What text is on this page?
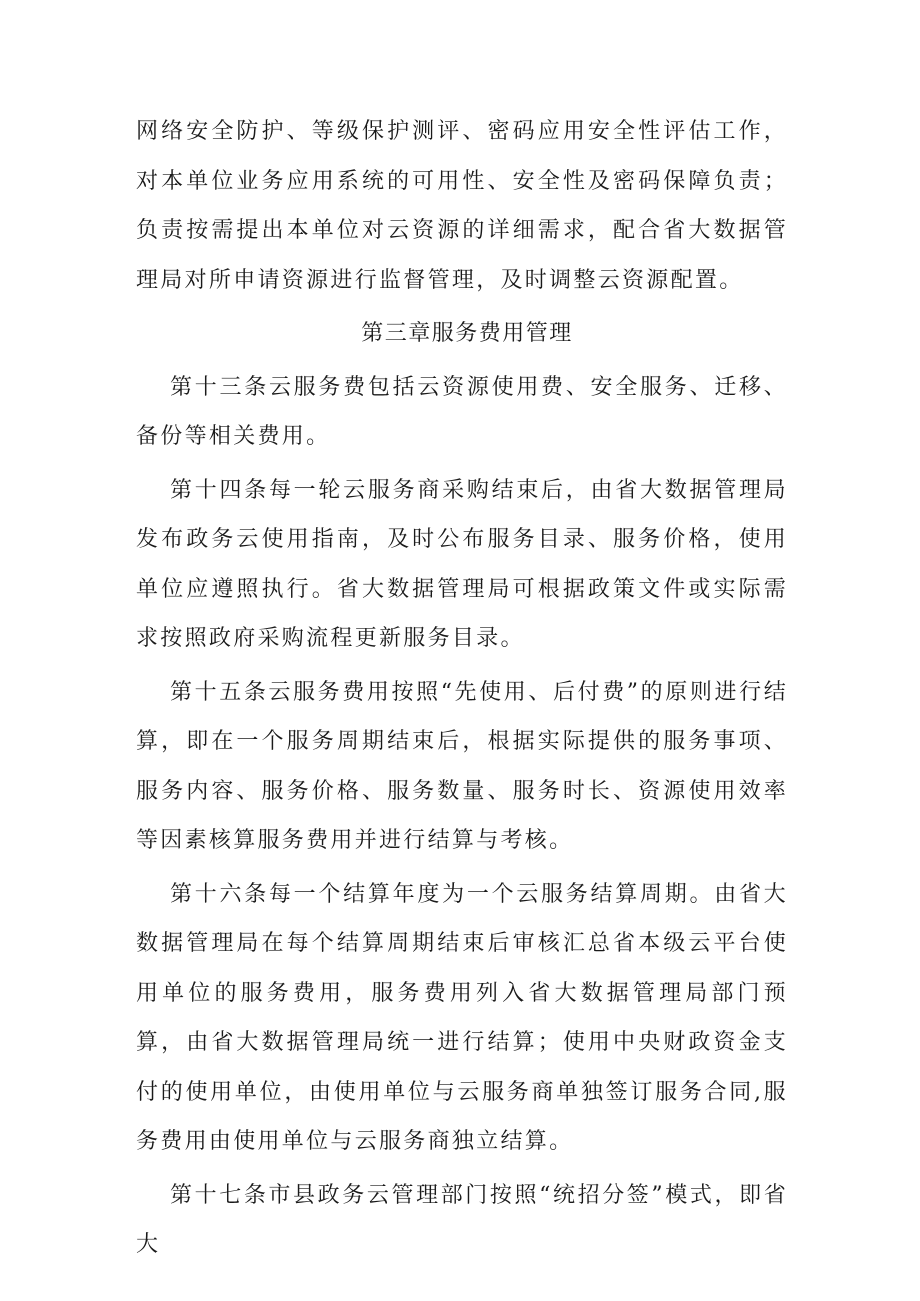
网络安全防护、等级保护测评、密码应用安全性评估工作，对本单位业务应用系统的可用性、安全性及密码保障负责；负责按需提出本单位对云资源的详细需求，配合省大数据管理局对所申请资源进行监督管理，及时调整云资源配置。

第三章服务费用管理

第十三条云服务费包括云资源使用费、安全服务、迁移、备份等相关费用。

第十四条每一轮云服务商采购结束后，由省大数据管理局发布政务云使用指南，及时公布服务目录、服务价格，使用单位应遵照执行。省大数据管理局可根据政策文件或实际需求按照政府采购流程更新服务目录。

第十五条云服务费用按照“先使用、后付费”的原则进行结算，即在一个服务周期结束后，根据实际提供的服务事项、服务内容、服务价格、服务数量、服务时长、资源使用效率等因素核算服务费用并进行结算与考核。

第十六条每一个结算年度为一个云服务结算周期。由省大数据管理局在每个结算周期结束后审核汇总省本级云平台使用单位的服务费用，服务费用列入省大数据管理局部门预算，由省大数据管理局统一进行结算；使用中央财政资金支付的使用单位，由使用单位与云服务商单独签订服务合同,服务费用由使用单位与云服务商独立结算。

第十七条市县政务云管理部门按照“统招分签”模式，即省大
